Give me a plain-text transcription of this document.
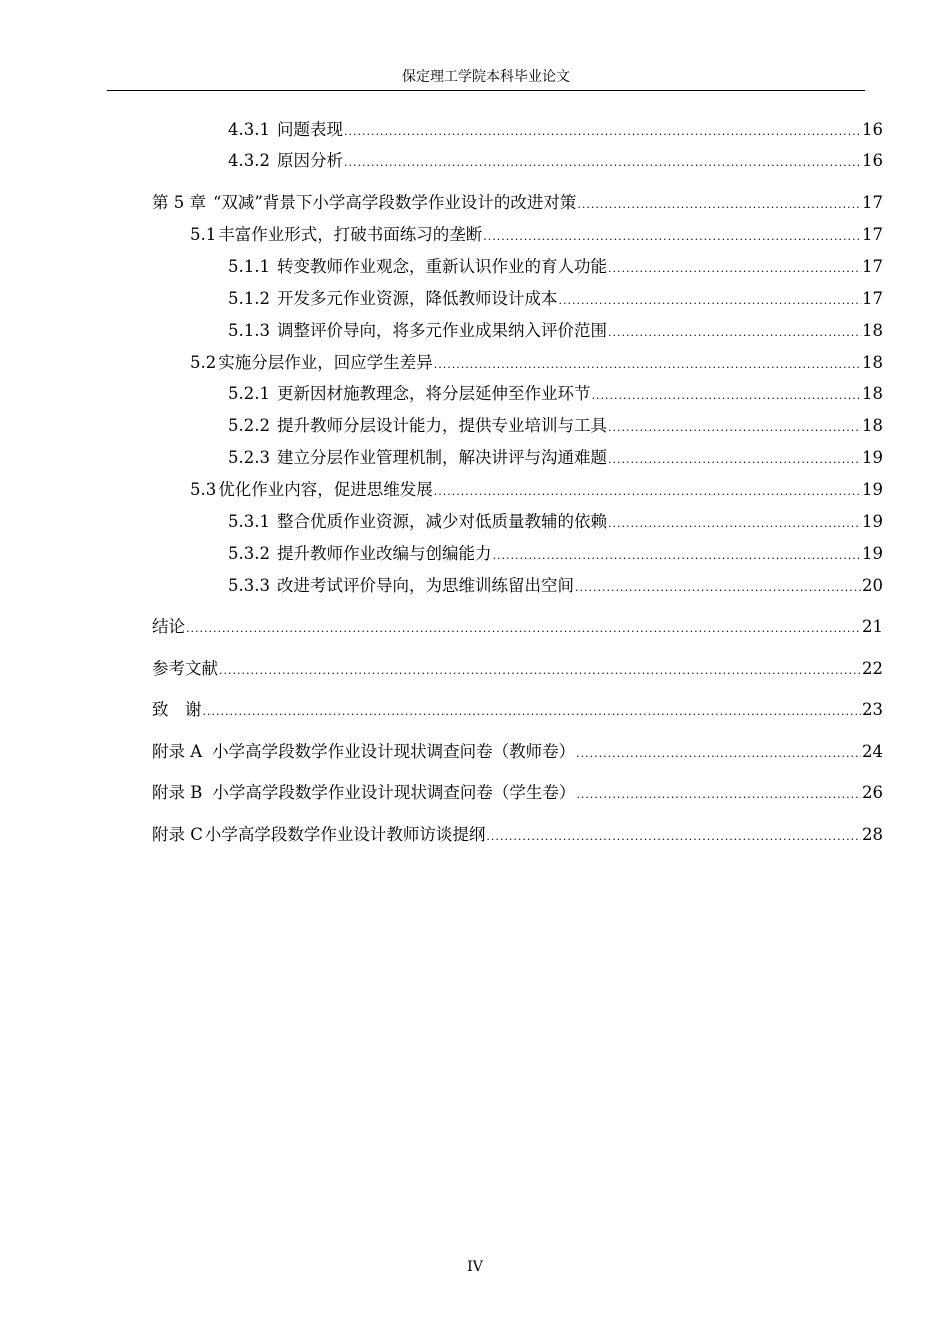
保定理工学院本科毕业论文
4.3.1 问题表现 .....	16
4.3.2 原因分析 .....	16
第 5 章 “双减”背景下小学高学段数学作业设计的改进对策 .....	17
5.1 丰富作业形式，打破书面练习的垄断 .....	17
5.1.1 转变教师作业观念，重新认识作业的育人功能 .....	17
5.1.2 开发多元作业资源，降低教师设计成本 .....	17
5.1.3 调整评价导向，将多元作业成果纳入评价范围 .....	18
5.2 实施分层作业，回应学生差异 .....	18
5.2.1 更新因材施教理念，将分层延伸至作业环节 .....	18
5.2.2 提升教师分层设计能力，提供专业培训与工具 .....	18
5.2.3 建立分层作业管理机制，解决讲评与沟通难题 .....	19
5.3 优化作业内容，促进思维发展 .....	19
5.3.1 整合优质作业资源，减少对低质量教辅的依赖 .....	19
5.3.2 提升教师作业改编与创编能力 .....	19
5.3.3 改进考试评价导向，为思维训练留出空间 .....	20
结论 .....	21
参考文献 .....	22
致　谢 .....	23
附录 A 小学高学段数学作业设计现状调查问卷（教师卷） .....	24
附录 B 小学高学段数学作业设计现状调查问卷（学生卷） .....	26
附录 C 小学高学段数学作业设计教师访谈提纲 .....	28
IV
